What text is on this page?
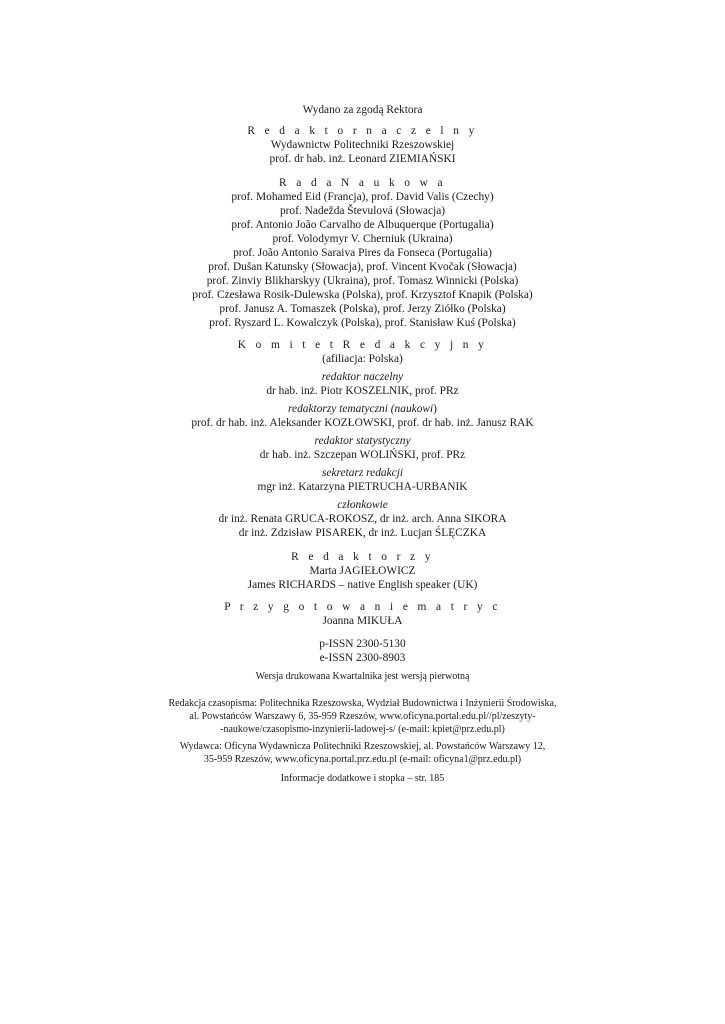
Wydano za zgodą Rektora
R e d a k t o r n a c z e l n y
Wydawnictw Politechniki Rzeszowskiej
prof. dr hab. inż. Leonard ZIEMIAŃSKI
R a d a N a u k o w a
prof. Mohamed Eid (Francja), prof. David Valis (Czechy)
prof. Nadežda Števulová (Słowacja)
prof. Antonio João Carvalho de Albuquerque (Portugalia)
prof. Volodymyr V. Cherniuk (Ukraina)
prof. João Antonio Saraiva Pires da Fonseca (Portugalia)
prof. Dušan Katunsky (Słowacja), prof. Vincent Kvočak (Słowacja)
prof. Zinviy Blikharskyy (Ukraina), prof. Tomasz Winnicki (Polska)
prof. Czesława Rosik-Dulewska (Polska), prof. Krzysztof Knapik (Polska)
prof. Janusz A. Tomaszek (Polska), prof. Jerzy Ziółko (Polska)
prof. Ryszard L. Kowalczyk (Polska), prof. Stanisław Kuś (Polska)
K o m i t e t R e d a k c y j n y
(afiliacja: Polska)
redaktor naczelny
dr hab. inż. Piotr KOSZELNIK, prof. PRz
redaktorzy tematyczni (naukowi)
prof. dr hab. inż. Aleksander KOZŁOWSKI, prof. dr hab. inż. Janusz RAK
redaktor statystyczny
dr hab. inż. Szczepan WOLIŃSKI, prof. PRz
sekretarz redakcji
mgr inż. Katarzyna PIETRUCHA-URBANIK
członkowie
dr inż. Renata GRUCA-ROKOSZ, dr inż. arch. Anna SIKORA
dr inż. Zdzisław PISAREK, dr inż. Lucjan ŚLĘCZKA
R e d a k t o r z y
Marta JAGIEŁOWICZ
James RICHARDS – native English speaker (UK)
P r z y g o t o w a n i e m a t r y c
Joanna MIKUŁA
p-ISSN 2300-5130
e-ISSN 2300-8903
Wersja drukowana Kwartalnika jest wersją pierwotną
Redakcja czasopisma: Politechnika Rzeszowska, Wydział Budownictwa i Inżynierii Środowiska,
al. Powstańców Warszawy 6, 35-959 Rzeszów, www.oficyna.portal.edu.pl//pl/zeszyty-
-naukowe/czasopismo-inzynierii-ladowej-s/ (e-mail: kpiet@prz.edu.pl)
Wydawca: Oficyna Wydawnicza Politechniki Rzeszowskiej, al. Powstańców Warszawy 12,
35-959 Rzeszów, www.oficyna.portal.prz.edu.pl (e-mail: oficyna1@prz.edu.pl)
Informacje dodatkowe i stopka – str. 185
